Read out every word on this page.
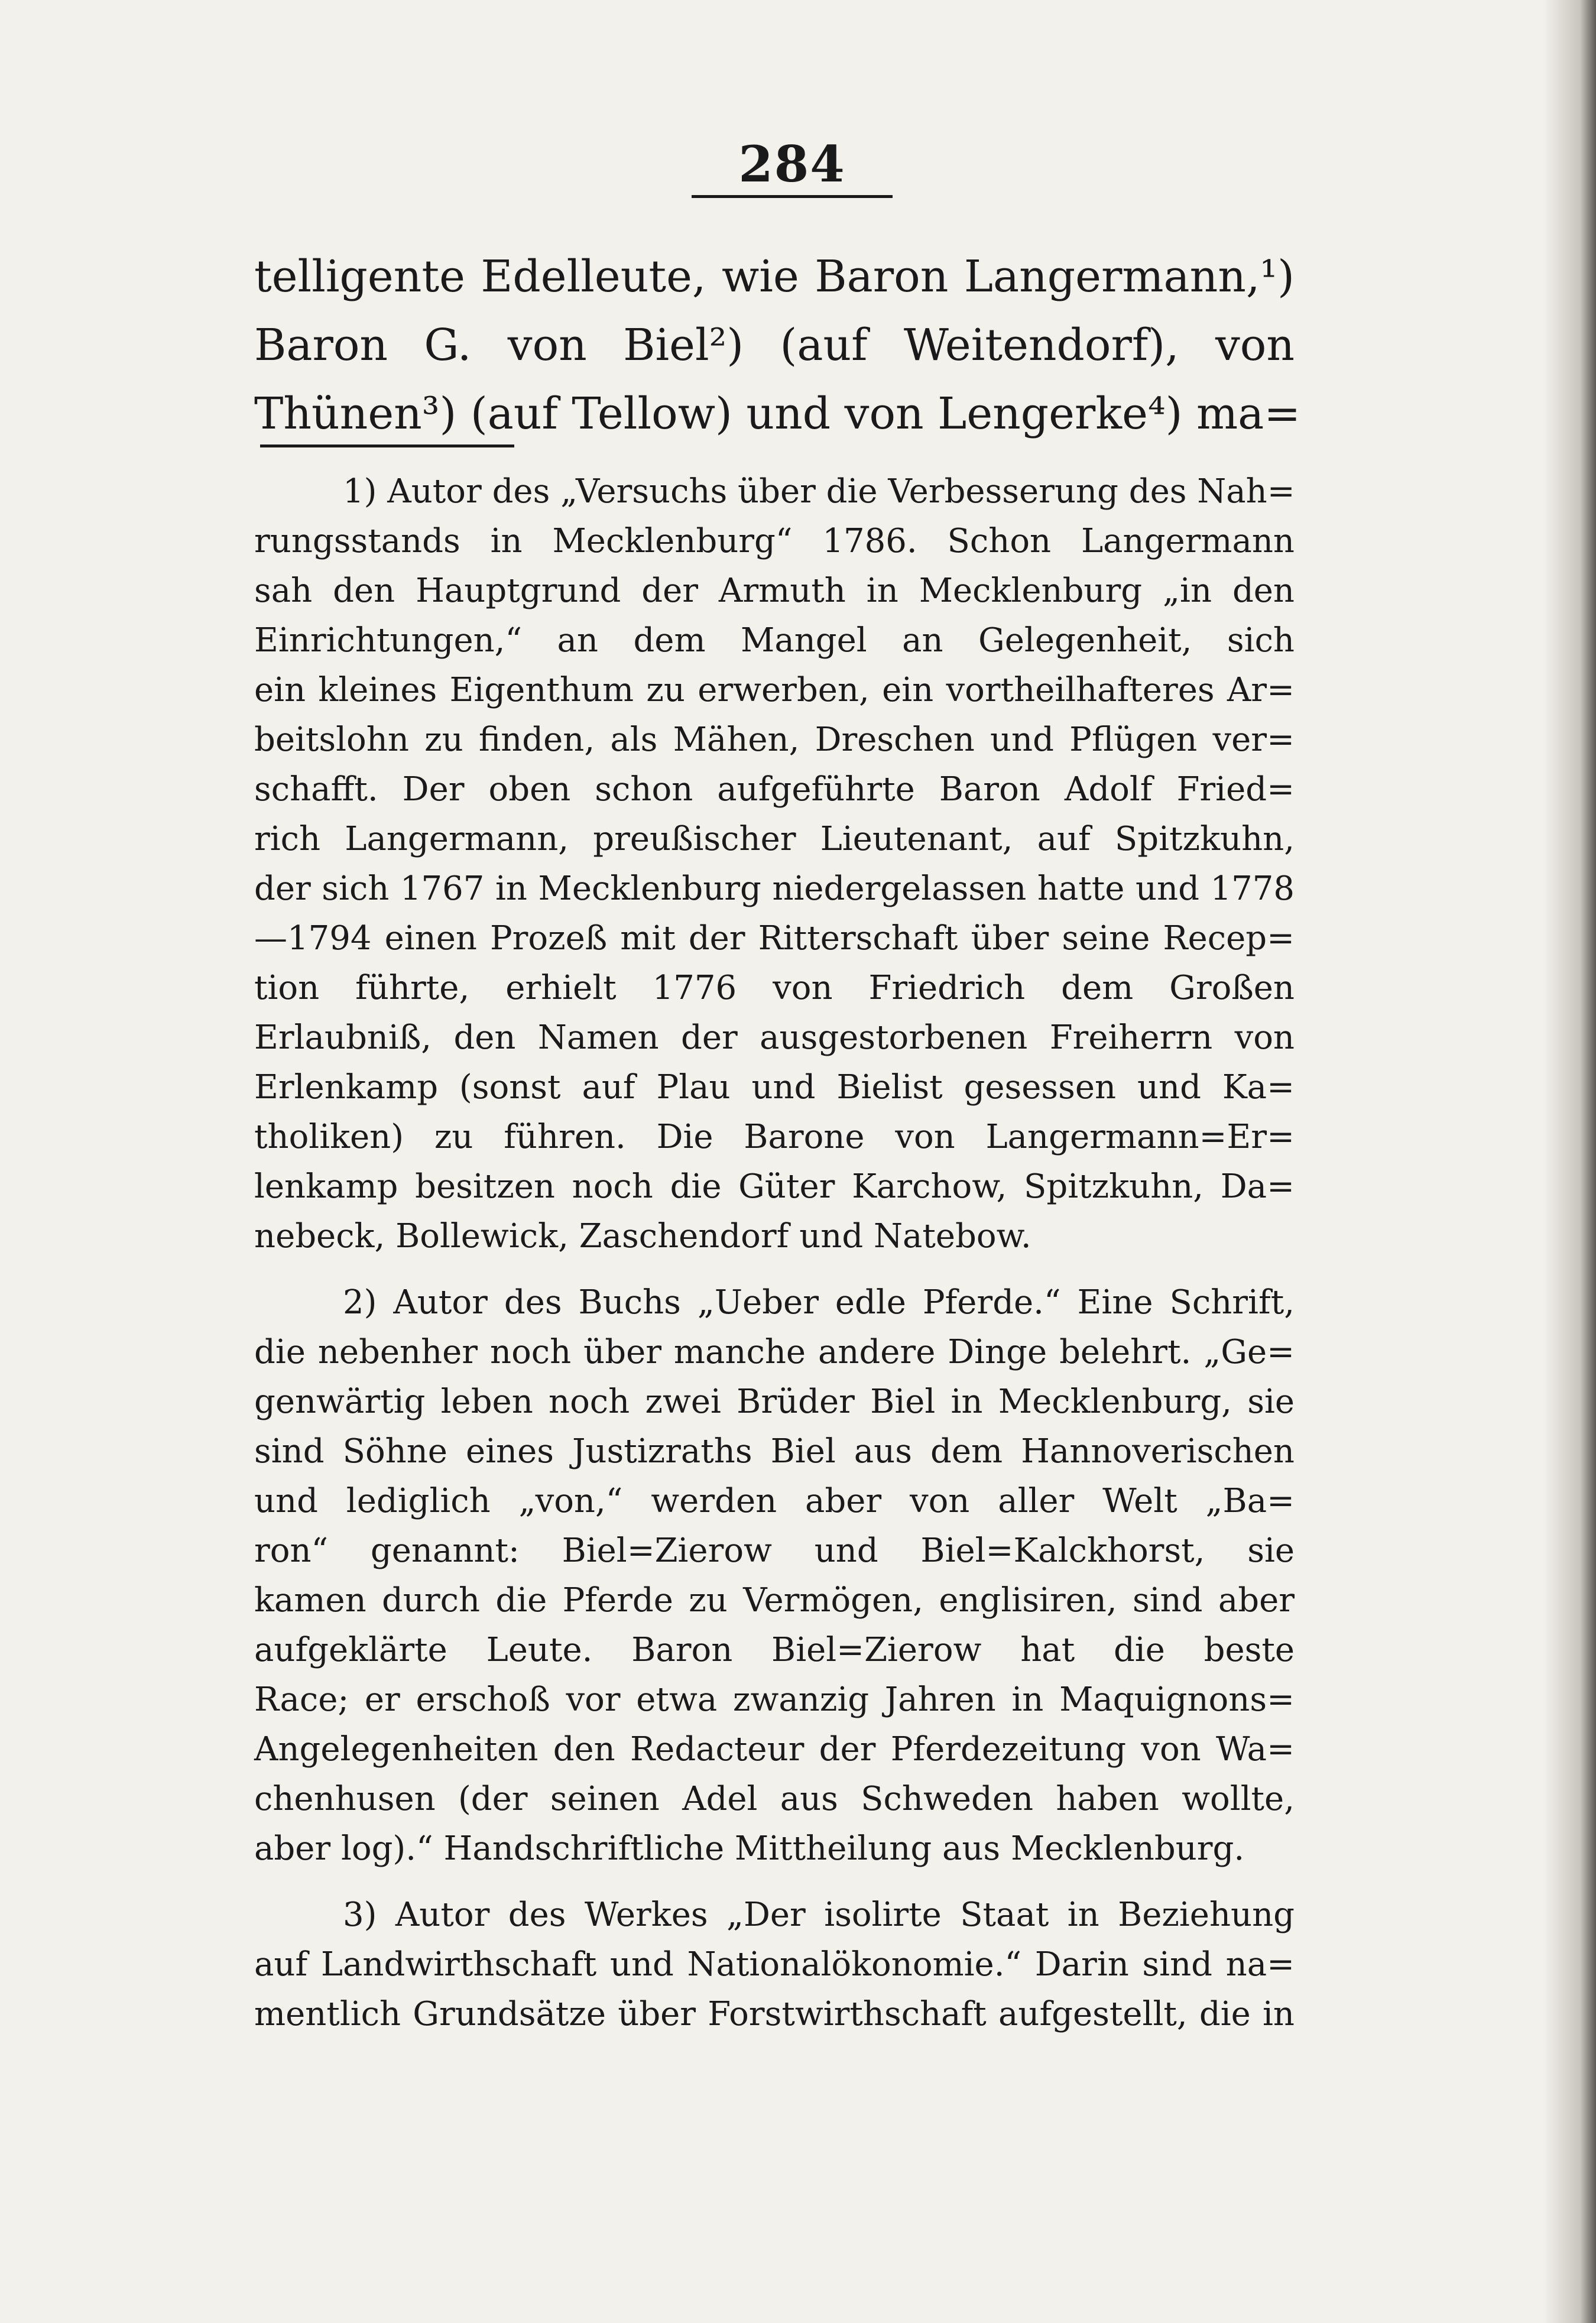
284
telligente Edelleute, wie Baron Langermann,¹)
Baron G. von Biel²) (auf Weitendorf), von
Thünen³) (auf Tellow) und von Lengerke⁴) ma=
1) Autor des „Versuchs über die Verbesserung des Nah=
rungsstands in Mecklenburg“ 1786. Schon Langermann
sah den Hauptgrund der Armuth in Mecklenburg „in den
Einrichtungen,“ an dem Mangel an Gelegenheit, sich
ein kleines Eigenthum zu erwerben, ein vortheilhafteres Ar=
beitslohn zu finden, als Mähen, Dreschen und Pflügen ver=
schafft. Der oben schon aufgeführte Baron Adolf Fried=
rich Langermann, preußischer Lieutenant, auf Spitzkuhn,
der sich 1767 in Mecklenburg niedergelassen hatte und 1778
—1794 einen Prozeß mit der Ritterschaft über seine Recep=
tion führte, erhielt 1776 von Friedrich dem Großen
Erlaubniß, den Namen der ausgestorbenen Freiherrn von
Erlenkamp (sonst auf Plau und Bielist gesessen und Ka=
tholiken) zu führen. Die Barone von Langermann=Er=
lenkamp besitzen noch die Güter Karchow, Spitzkuhn, Da=
nebeck, Bollewick, Zaschendorf und Natebow.
2) Autor des Buchs „Ueber edle Pferde.“ Eine Schrift,
die nebenher noch über manche andere Dinge belehrt. „Ge=
genwärtig leben noch zwei Brüder Biel in Mecklenburg, sie
sind Söhne eines Justizraths Biel aus dem Hannoverischen
und lediglich „von,“ werden aber von aller Welt „Ba=
ron“ genannt: Biel=Zierow und Biel=Kalckhorst, sie
kamen durch die Pferde zu Vermögen, englisiren, sind aber
aufgeklärte Leute. Baron Biel=Zierow hat die beste
Race; er erschoß vor etwa zwanzig Jahren in Maquignons=
Angelegenheiten den Redacteur der Pferdezeitung von Wa=
chenhusen (der seinen Adel aus Schweden haben wollte,
aber log).“ Handschriftliche Mittheilung aus Mecklenburg.
3) Autor des Werkes „Der isolirte Staat in Beziehung
auf Landwirthschaft und Nationalökonomie.“ Darin sind na=
mentlich Grundsätze über Forstwirthschaft aufgestellt, die in
